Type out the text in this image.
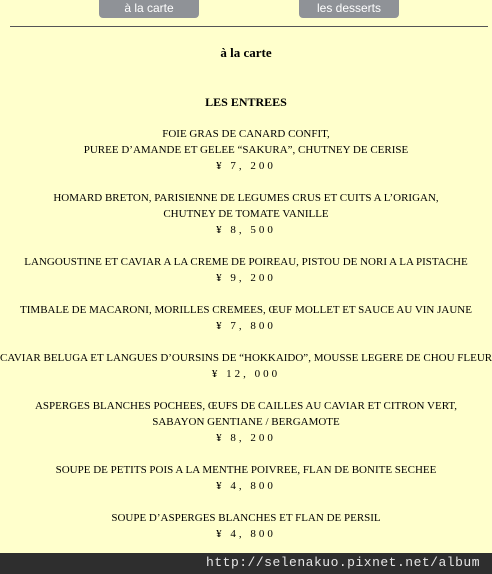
à la carte	les desserts
à la carte
LES ENTREES
FOIE GRAS DE CANARD CONFIT,
PUREE D’AMANDE ET GELEE “SAKURA”, CHUTNEY DE CERISE
¥ 7, 200
HOMARD BRETON, PARISIENNE DE LEGUMES CRUS ET CUITS A L’ORIGAN,
CHUTNEY DE TOMATE VANILLE
¥ 8, 500
LANGOUSTINE ET CAVIAR A LA CREME DE POIREAU, PISTOU DE NORI A LA PISTACHE
¥ 9, 200
TIMBALE DE MACARONI, MORILLES CREMEES, ŒUF MOLLET ET SAUCE AU VIN JAUNE
¥ 7, 800
CAVIAR BELUGA ET LANGUES D’OURSINS DE “HOKKAIDO”, MOUSSE LEGERE DE CHOU FLEUR
¥ 12, 000
ASPERGES BLANCHES POCHEES, ŒUFS DE CAILLES AU CAVIAR ET CITRON VERT,
SABAYON GENTIANE / BERGAMOTE
¥ 8, 200
SOUPE DE PETITS POIS A LA MENTHE POIVREE, FLAN DE BONITE SECHEE
¥ 4, 800
SOUPE D’ASPERGES BLANCHES ET FLAN DE PERSIL
¥ 4, 800
http://selenakuo.pixnet.net/album
